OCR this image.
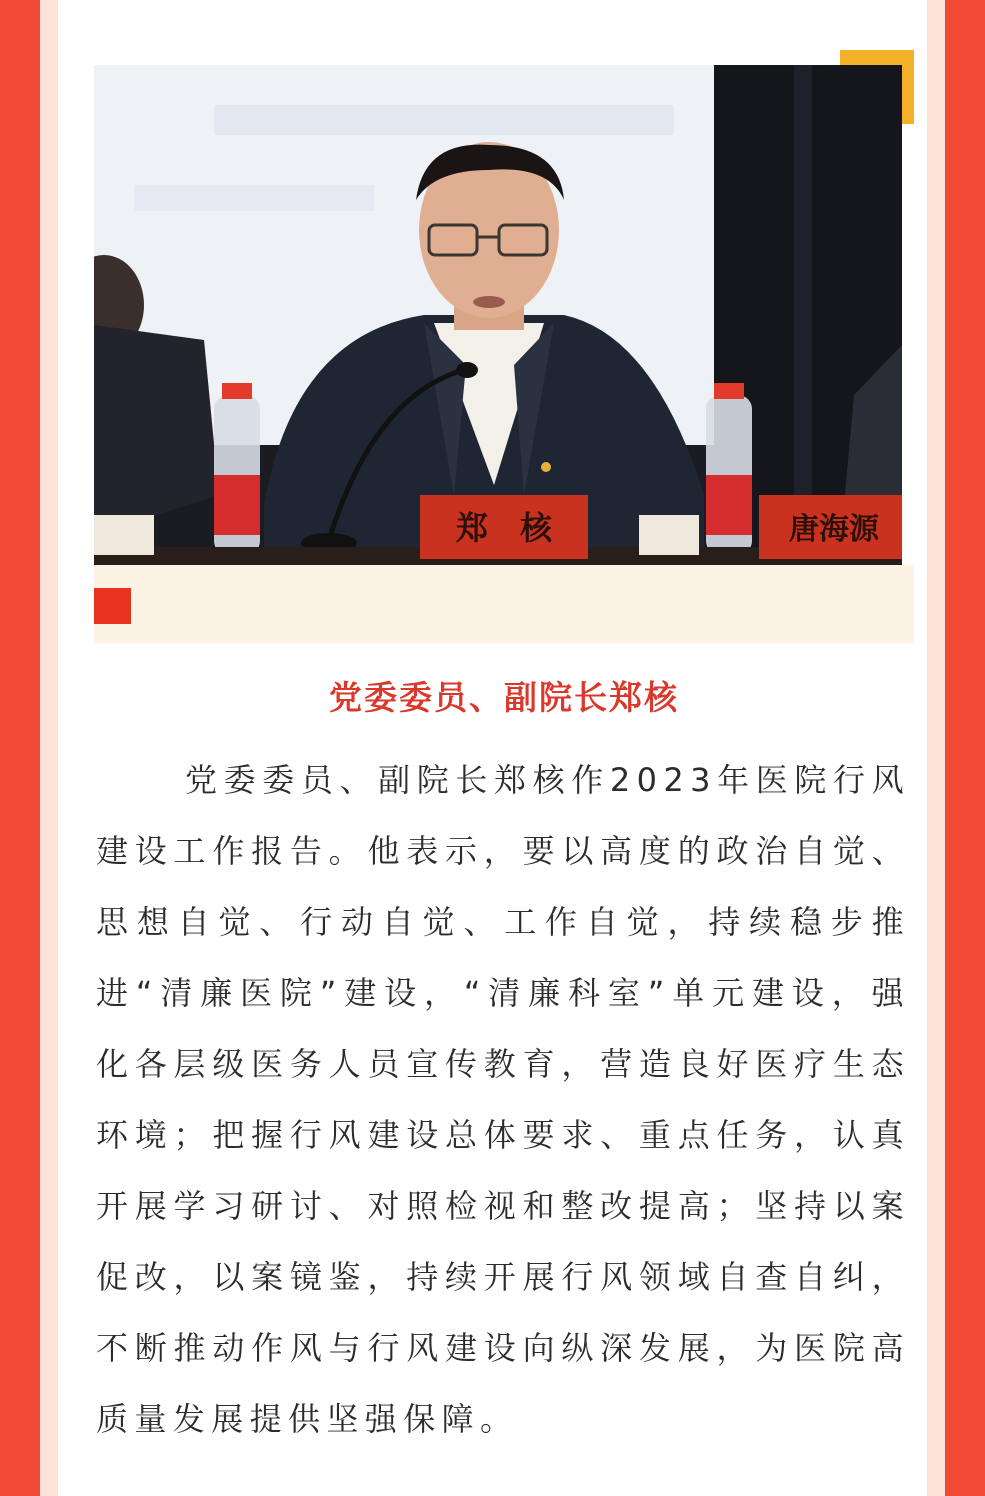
郑　核	唐海源
党委委员、副院长郑核

党委委员、副院长郑核作2023年医院行风建设工作报告。他表示，要以高度的政治自觉、思想自觉、行动自觉、工作自觉，持续稳步推进“清廉医院”建设，“清廉科室”单元建设，强化各层级医务人员宣传教育，营造良好医疗生态环境；把握行风建设总体要求、重点任务，认真开展学习研讨、对照检视和整改提高；坚持以案促改，以案镜鉴，持续开展行风领域自查自纠，不断推动作风与行风建设向纵深发展，为医院高质量发展提供坚强保障。
